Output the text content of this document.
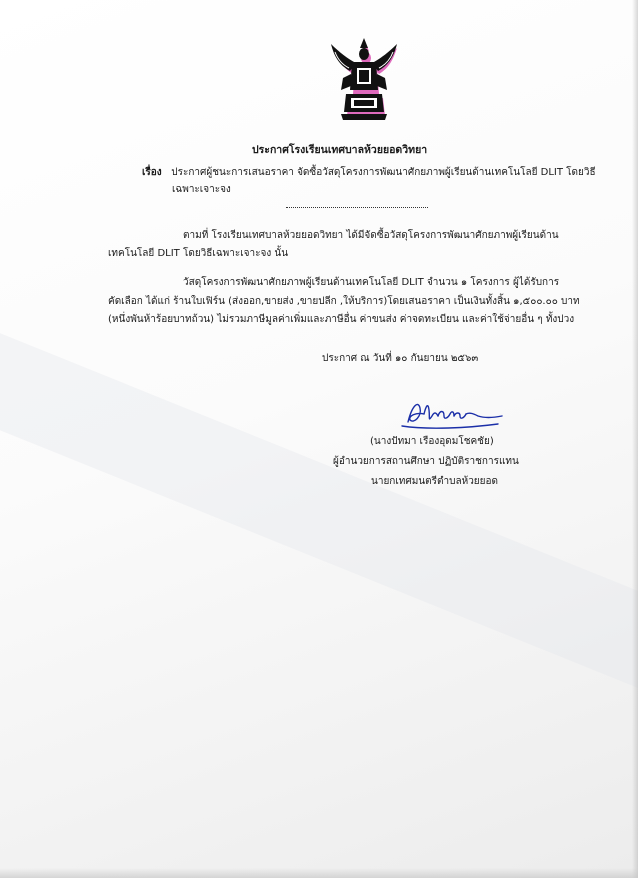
ประกาศโรงเรียนเทศบาลห้วยยอดวิทยา
เรื่อง ประกาศผู้ชนะการเสนอราคา จัดซื้อวัสดุโครงการพัฒนาศักยภาพผู้เรียนด้านเทคโนโลยี DLIT โดยวิธี
เฉพาะเจาะจง
ตามที่ โรงเรียนเทศบาลห้วยยอดวิทยา ได้มีจัดซื้อวัสดุโครงการพัฒนาศักยภาพผู้เรียนด้าน
เทคโนโลยี DLIT โดยวิธีเฉพาะเจาะจง นั้น
วัสดุโครงการพัฒนาศักยภาพผู้เรียนด้านเทคโนโลยี DLIT จำนวน ๑ โครงการ ผู้ได้รับการ
คัดเลือก ได้แก่ ร้านใบเฟิร์น (ส่งออก,ขายส่ง ,ขายปลีก ,ให้บริการ)โดยเสนอราคา เป็นเงินทั้งสิ้น ๑,๕๐๐.๐๐ บาท
(หนึ่งพันห้าร้อยบาทถ้วน) ไม่รวมภาษีมูลค่าเพิ่มและภาษีอื่น ค่าขนส่ง ค่าจดทะเบียน และค่าใช้จ่ายอื่น ๆ ทั้งปวง
ประกาศ ณ วันที่ ๑๐ กันยายน ๒๕๖๓
(นางปัทมา เรืองอุดมโชคชัย)
ผู้อำนวยการสถานศึกษา ปฏิบัติราชการแทน
นายกเทศมนตรีตำบลห้วยยอด
